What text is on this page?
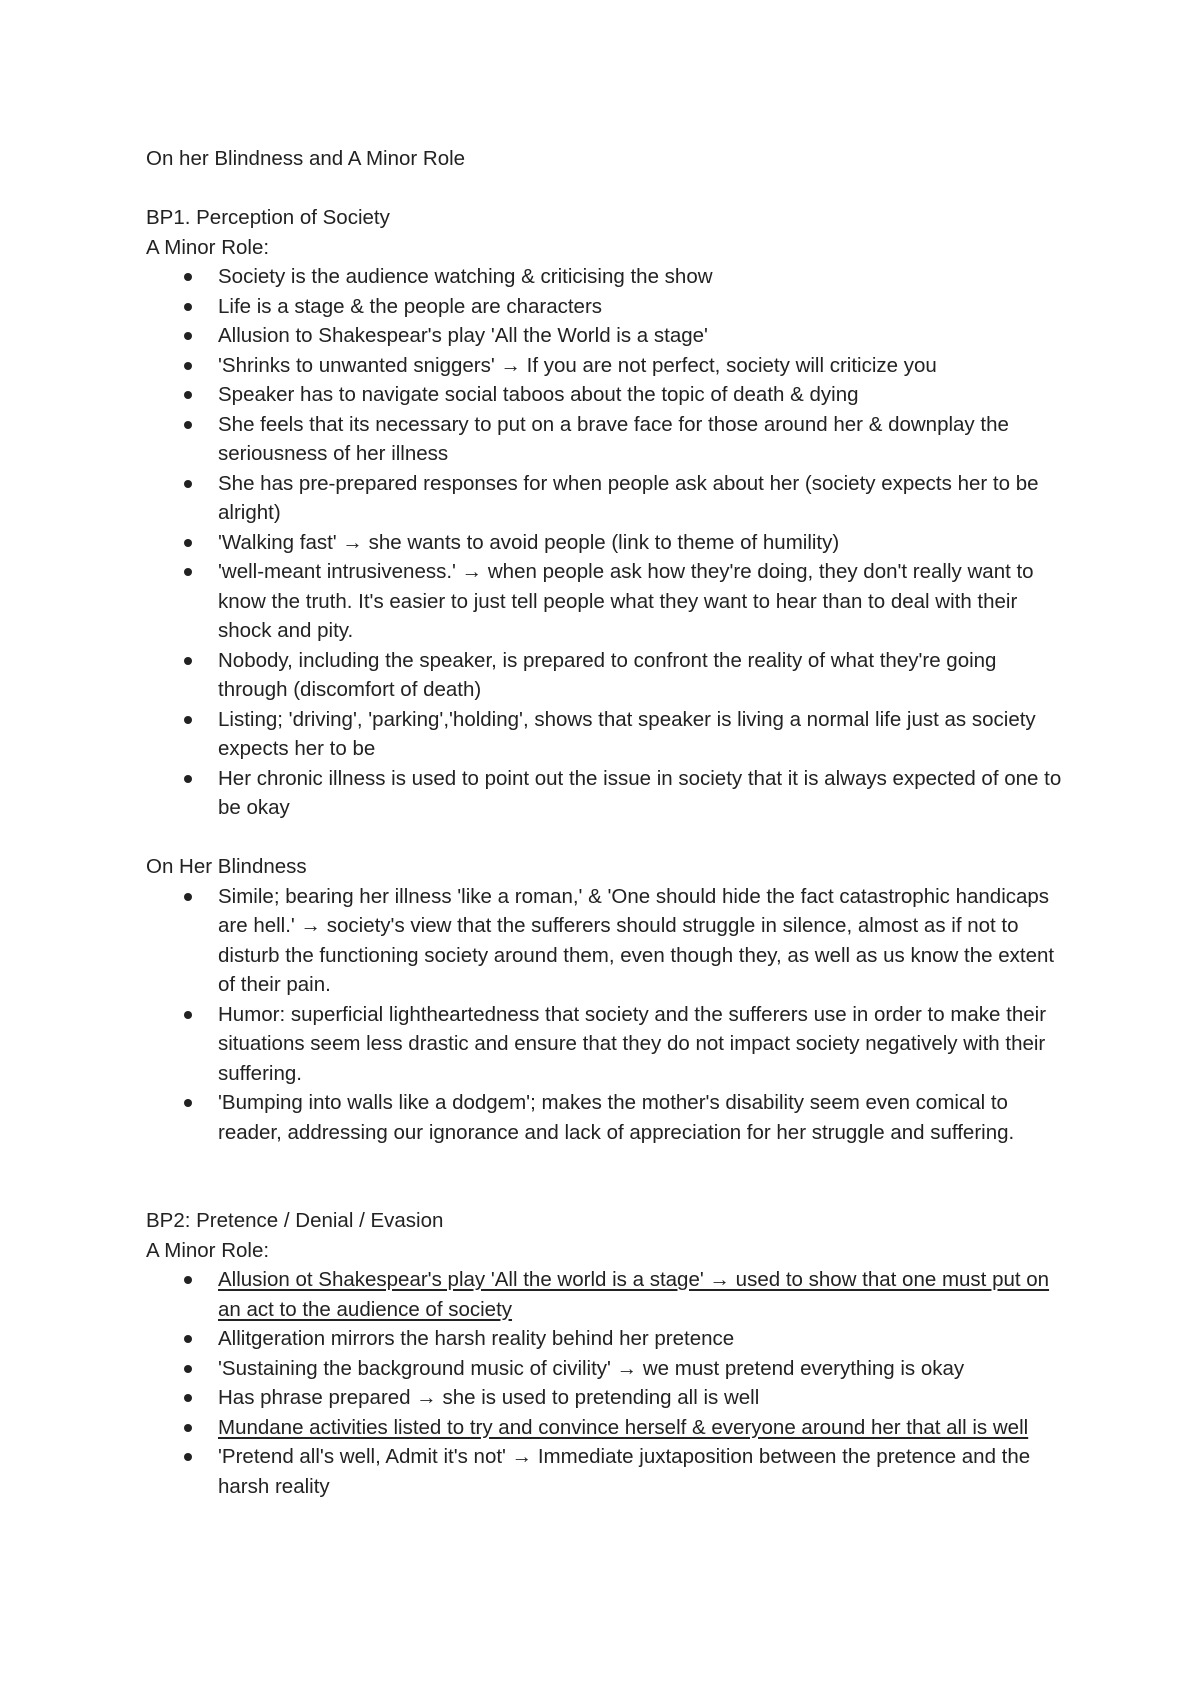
On her Blindness and A Minor Role

BP1. Perception of Society

A Minor Role:

Society is the audience watching & criticising the show
Life is a stage & the people are characters
Allusion to Shakespear's play 'All the World is a stage'
'Shrinks to unwanted sniggers' → If you are not perfect, society will criticize you
Speaker has to navigate social taboos about the topic of death & dying
She feels that its necessary to put on a brave face for those around her & downplay the seriousness of her illness
She has pre-prepared responses for when people ask about her (society expects her to be alright)
'Walking fast' → she wants to avoid people (link to theme of humility)
'well-meant intrusiveness.' → when people ask how they're doing, they don't really want to know the truth. It's easier to just tell people what they want to hear than to deal with their shock and pity.
Nobody, including the speaker, is prepared to confront the reality of what they're going through (discomfort of death)
Listing; 'driving', 'parking','holding', shows that speaker is living a normal life just as society expects her to be
Her chronic illness is used to point out the issue in society that it is always expected of one to be okay

On Her Blindness

Simile; bearing her illness 'like a roman,' & 'One should hide the fact catastrophic handicaps are hell.' → society's view that the sufferers should struggle in silence, almost as if not to disturb the functioning society around them, even though they, as well as us know the extent of their pain.
Humor: superficial lightheartedness that society and the sufferers use in order to make their situations seem less drastic and ensure that they do not impact society negatively with their suffering.
'Bumping into walls like a dodgem'; makes the mother's disability seem even comical to reader, addressing our ignorance and lack of appreciation for her struggle and suffering.

BP2: Pretence / Denial / Evasion

A Minor Role:

Allusion ot Shakespear's play 'All the world is a stage' → used to show that one must put on an act to the audience of society
Allitgeration mirrors the harsh reality behind her pretence
'Sustaining the background music of civility' → we must pretend everything is okay
Has phrase prepared → she is used to pretending all is well
Mundane activities listed to try and convince herself & everyone around her that all is well
'Pretend all's well, Admit it's not' → Immediate juxtaposition between the pretence and the harsh reality
